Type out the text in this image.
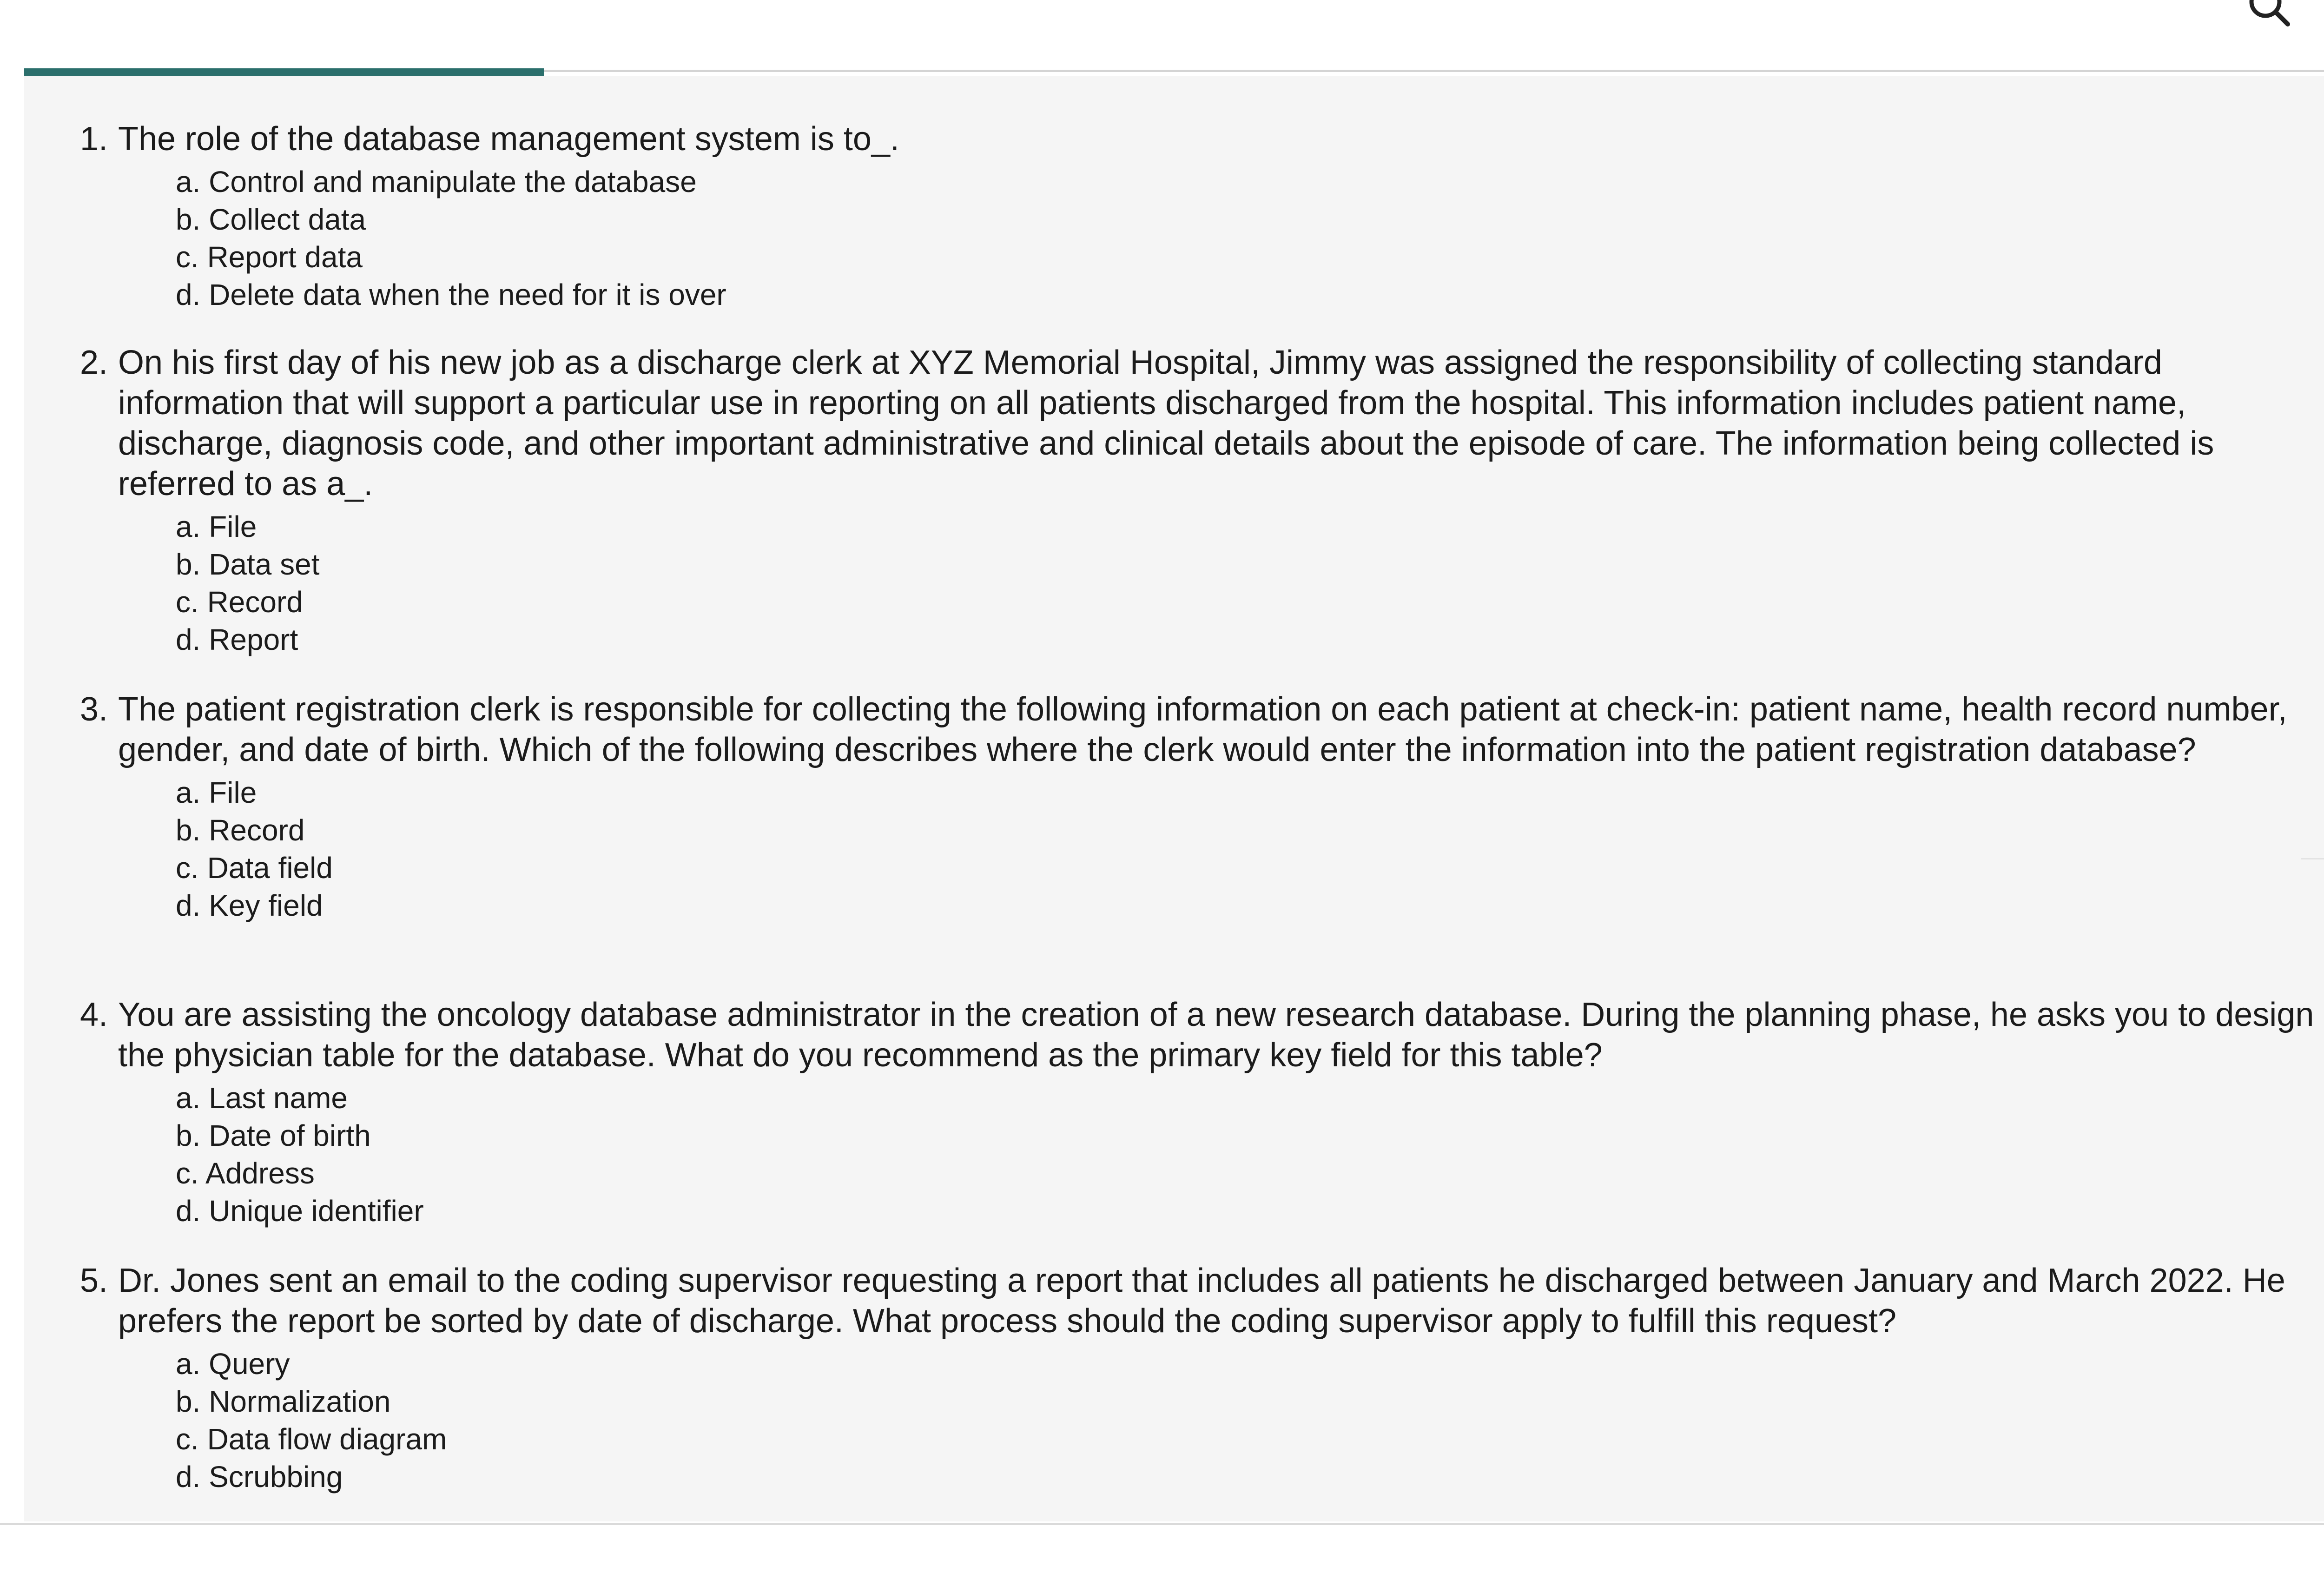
1. The role of the database management system is to_.
a. Control and manipulate the database
b. Collect data
c. Report data
d. Delete data when the need for it is over
2. On his first day of his new job as a discharge clerk at XYZ Memorial Hospital, Jimmy was assigned the responsibility of collecting standard information that will support a particular use in reporting on all patients discharged from the hospital. This information includes patient name, discharge, diagnosis code, and other important administrative and clinical details about the episode of care. The information being collected is referred to as a_.
a. File
b. Data set
c. Record
d. Report
3. The patient registration clerk is responsible for collecting the following information on each patient at check-in: patient name, health record number, gender, and date of birth. Which of the following describes where the clerk would enter the information into the patient registration database?
a. File
b. Record
c. Data field
d. Key field
4. You are assisting the oncology database administrator in the creation of a new research database. During the planning phase, he asks you to design the physician table for the database. What do you recommend as the primary key field for this table?
a. Last name
b. Date of birth
c. Address
d. Unique identifier
5. Dr. Jones sent an email to the coding supervisor requesting a report that includes all patients he discharged between January and March 2022. He prefers the report be sorted by date of discharge. What process should the coding supervisor apply to fulfill this request?
a. Query
b. Normalization
c. Data flow diagram
d. Scrubbing
